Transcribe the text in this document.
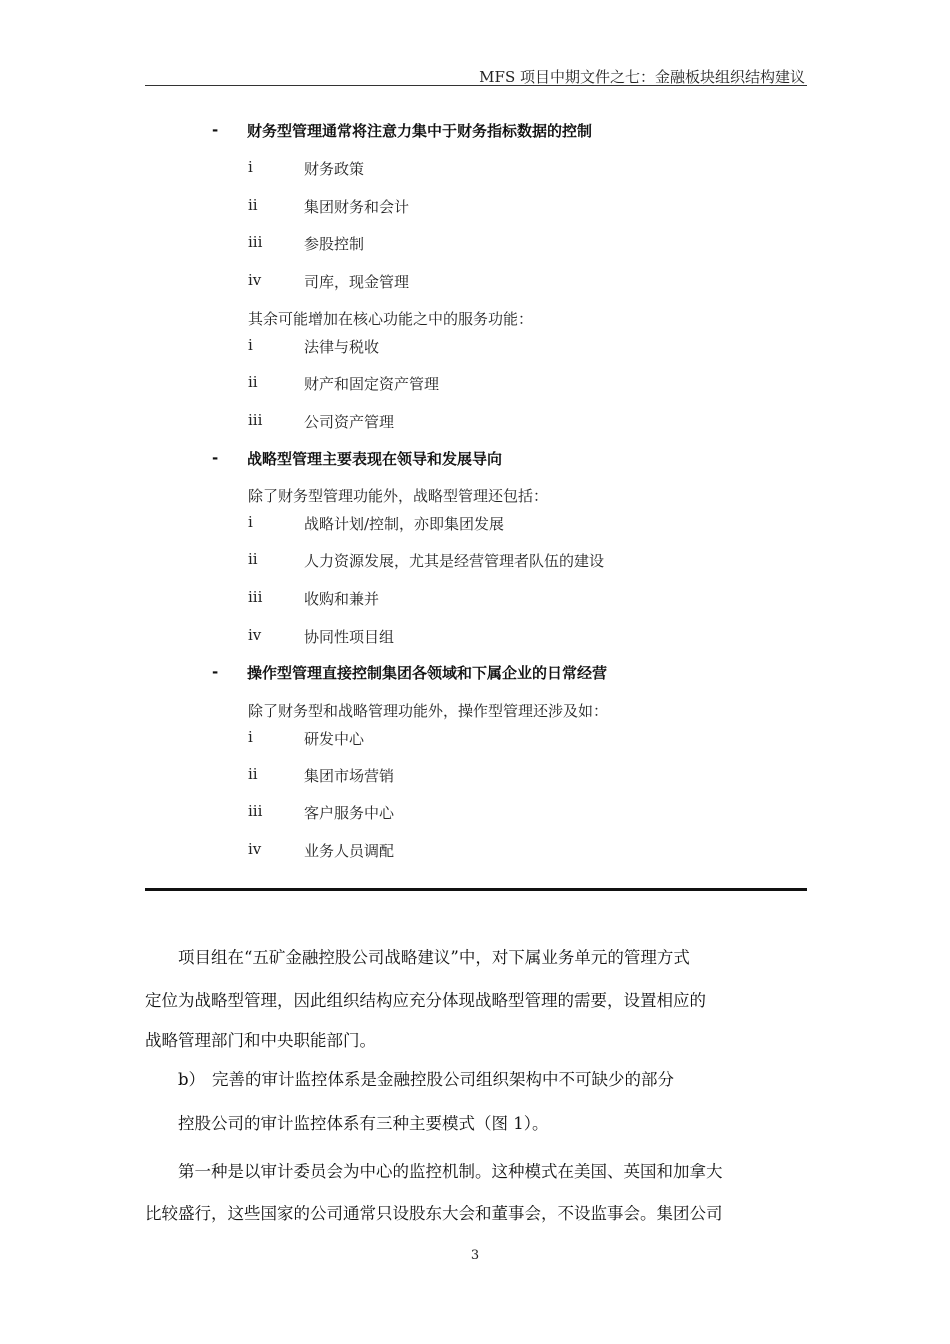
MFS 项目中期文件之七：金融板块组织结构建议
- 财务型管理通常将注意力集中于财务指标数据的控制
i	财务政策
ii	集团财务和会计
iii	参股控制
iv	司库，现金管理
其余可能增加在核心功能之中的服务功能：
i	法律与税收
ii	财产和固定资产管理
iii	公司资产管理
- 战略型管理主要表现在领导和发展导向
除了财务型管理功能外，战略型管理还包括：
i	战略计划/控制，亦即集团发展
ii	人力资源发展，尤其是经营管理者队伍的建设
iii	收购和兼并
ⅰv	协同性项目组
- 操作型管理直接控制集团各领域和下属企业的日常经营
除了财务型和战略管理功能外，操作型管理还涉及如：
i	研发中心
ii	集团市场营销
iii	客户服务中心
iv	业务人员调配
项目组在“五矿金融控股公司战略建议”中，对下属业务单元的管理方式
定位为战略型管理，因此组织结构应充分体现战略型管理的需要，设置相应的
战略管理部门和中央职能部门。
b） 完善的审计监控体系是金融控股公司组织架构中不可缺少的部分
控股公司的审计监控体系有三种主要模式（图 1）。
第一种是以审计委员会为中心的监控机制。这种模式在美国、英国和加拿大
比较盛行，这些国家的公司通常只设股东大会和董事会，不设监事会。集团公司
3
